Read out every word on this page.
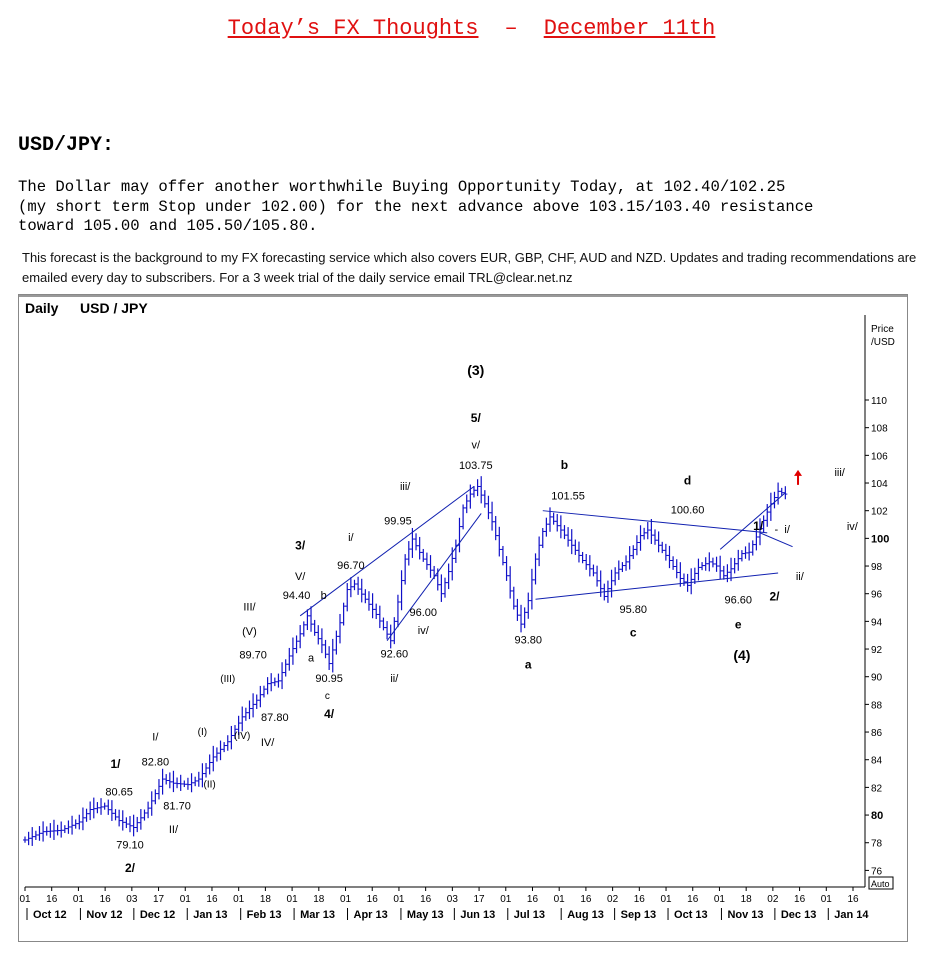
Today’s FX Thoughts – December 11th
USD/JPY:
The Dollar may offer another worthwhile Buying Opportunity Today, at 102.40/102.25
(my short term Stop under 102.00) for the next advance above 103.15/103.40 resistance
toward 105.00 and 105.50/105.80.
This forecast is the background to my FX forecasting service which also covers EUR, GBP, CHF, AUD and NZD. Updates and trading recommendations are emailed every day to subscribers. For a 3 week trial of the daily service email TRL@clear.net.nz
Daily USD / JPY
Price
/USD
76
78
80
82
84
86
88
90
92
94
96
98
100
102
104
106
108
110
Auto
01 16 01 16 03 17 01 16 01 18 01 18 01 16 01 16 03 17 01 16 01 16 02 16 01 16 01 18 02 16 01 16
Oct 12 Nov 12 Dec 12 Jan 13 Feb 13 Mar 13 Apr 13 May 13 Jun 13 Jul 13 Aug 13 Sep 13 Oct 13 Nov 13 Dec 13 Jan 14
(3)
5/
v/
103.75
iii/
99.95
i/
96.70
3/
V/
94.40 b
III/
(V)
89.70	a
(III)	90.95
c
87.80	4/
(I)	(IV)
IV/
I/
1/ 82.80
80.65
(II)
81.70
II/
79.10
2/
96.00
iv/
92.60
ii/
b
101.55
93.80
a
95.80
c
d
100.60
96.60
e
(4)
2/
ii/
1/ - i/
iii/
iv/
